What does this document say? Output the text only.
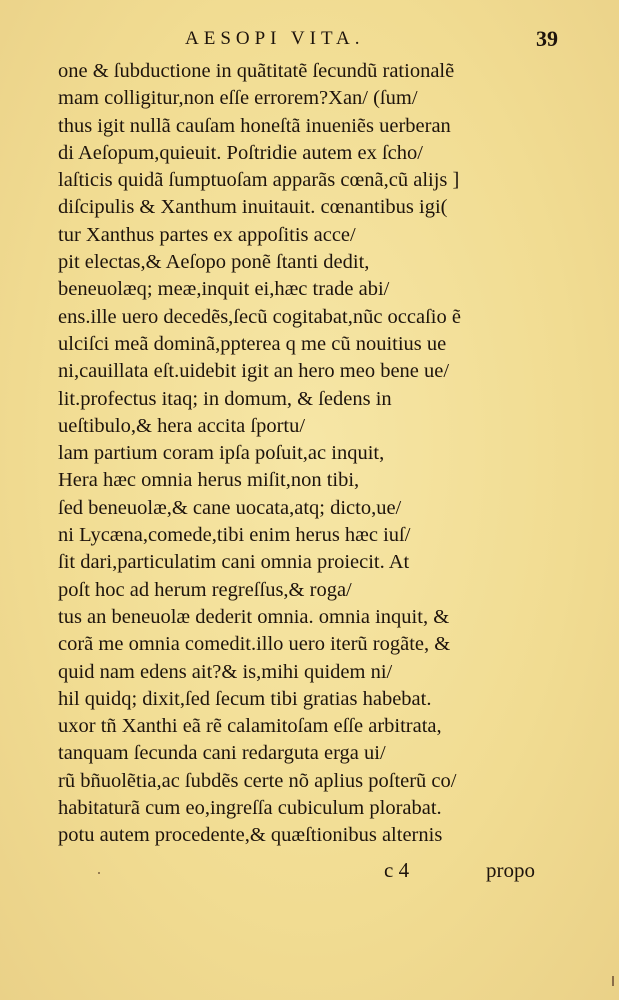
AESOPI VITA.	39
one & ſubductione in quãtitatẽ ſecundũ rationalẽ
mam colligitur,non eſſe errorem?Xan/ (ſum/
thus igit nullã cauſam honeſtã inueniẽs uerberan
di Aeſopum,quieuit. Poſtridie autem ex ſcho/
laſticis quidã ſumptuoſam apparãs cœnã,cũ alijs ]
diſcipulis & Xanthum inuitauit. cœnantibus igi(
tur Xanthus partes ex appoſitis acce/
pit electas,& Aeſopo ponẽ ſtanti dedit,
beneuolæq; meæ,inquit ei,hæc trade abi/
ens.ille uero decedẽs,ſecũ cogitabat,nũc occaſio ẽ
ulciſci meã dominã,ppterea q me cũ nouitius ue
ni,cauillata eſt.uidebit igit an hero meo bene ue/
lit.profectus itaq; in domum, & ſedens in
ueſtibulo,& hera accita ſportu/
lam partium coram ipſa poſuit,ac inquit,
Hera hæc omnia herus miſit,non tibi,
ſed beneuolæ,& cane uocata,atq; dicto,ue/
ni Lycæna,comede,tibi enim herus hæc iuſ/
ſit dari,particulatim cani omnia proiecit. At
poſt hoc ad herum regreſſus,& roga/
tus an beneuolæ dederit omnia. omnia inquit, &
corã me omnia comedit.illo uero iterũ rogãte, &
quid nam edens ait?& is,mihi quidem ni/
hil quidq; dixit,ſed ſecum tibi gratias habebat.
uxor tñ Xanthi eã rẽ calamitoſam eſſe arbitrata,
tanquam ſecunda cani redarguta erga ui/
rũ bñuolẽtia,ac ſubdẽs certe nõ aplius poſterũ co/
habitaturã cum eo,ingreſſa cubiculum plorabat.
potu autem procedente,& quæſtionibus alternis
c 4	propo
